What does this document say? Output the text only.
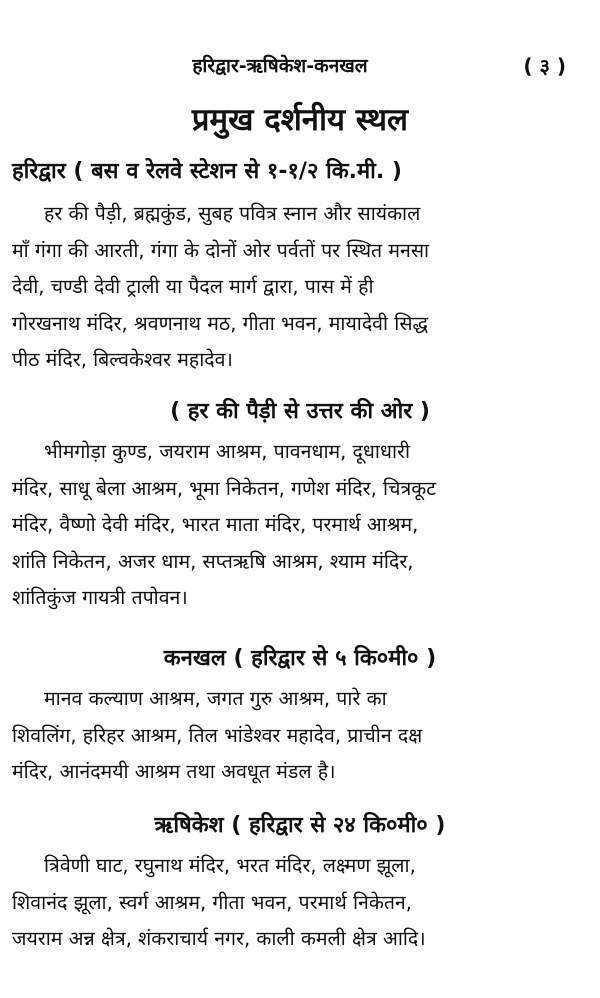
हरिद्वार-ऋषिकेश-कनखल	( ३ )
प्रमुख दर्शनीय स्थल
हरिद्वार ( बस व रेलवे स्टेशन से १-१/२ कि.मी. )
हर की पैड़ी, ब्रह्मकुंड, सुबह पवित्र स्नान और सायंकाल
माँ गंगा की आरती, गंगा के दोनों ओर पर्वतों पर स्थित मनसा
देवी, चण्डी देवी ट्राली या पैदल मार्ग द्वारा, पास में ही
गोरखनाथ मंदिर, श्रवणनाथ मठ, गीता भवन, मायादेवी सिद्ध
पीठ मंदिर, बिल्वकेश्वर महादेव।
( हर की पैड़ी से उत्तर की ओर )
भीमगोड़ा कुण्ड, जयराम आश्रम, पावनधाम, दूधाधारी
मंदिर, साधू बेला आश्रम, भूमा निकेतन, गणेश मंदिर, चित्रकूट
मंदिर, वैष्णो देवी मंदिर, भारत माता मंदिर, परमार्थ आश्रम,
शांति निकेतन, अजर धाम, सप्तऋषि आश्रम, श्याम मंदिर,
शांतिकुंज गायत्री तपोवन।
कनखल ( हरिद्वार से ५ कि०मी० )
मानव कल्याण आश्रम, जगत गुरु आश्रम, पारे का
शिवलिंग, हरिहर आश्रम, तिल भांडेश्वर महादेव, प्राचीन दक्ष
मंदिर, आनंदमयी आश्रम तथा अवधूत मंडल है।
ऋषिकेश ( हरिद्वार से २४ कि०मी० )
त्रिवेणी घाट, रघुनाथ मंदिर, भरत मंदिर, लक्ष्मण झूला,
शिवानंद झूला, स्वर्ग आश्रम, गीता भवन, परमार्थ निकेतन,
जयराम अन्न क्षेत्र, शंकराचार्य नगर, काली कमली क्षेत्र आदि।
